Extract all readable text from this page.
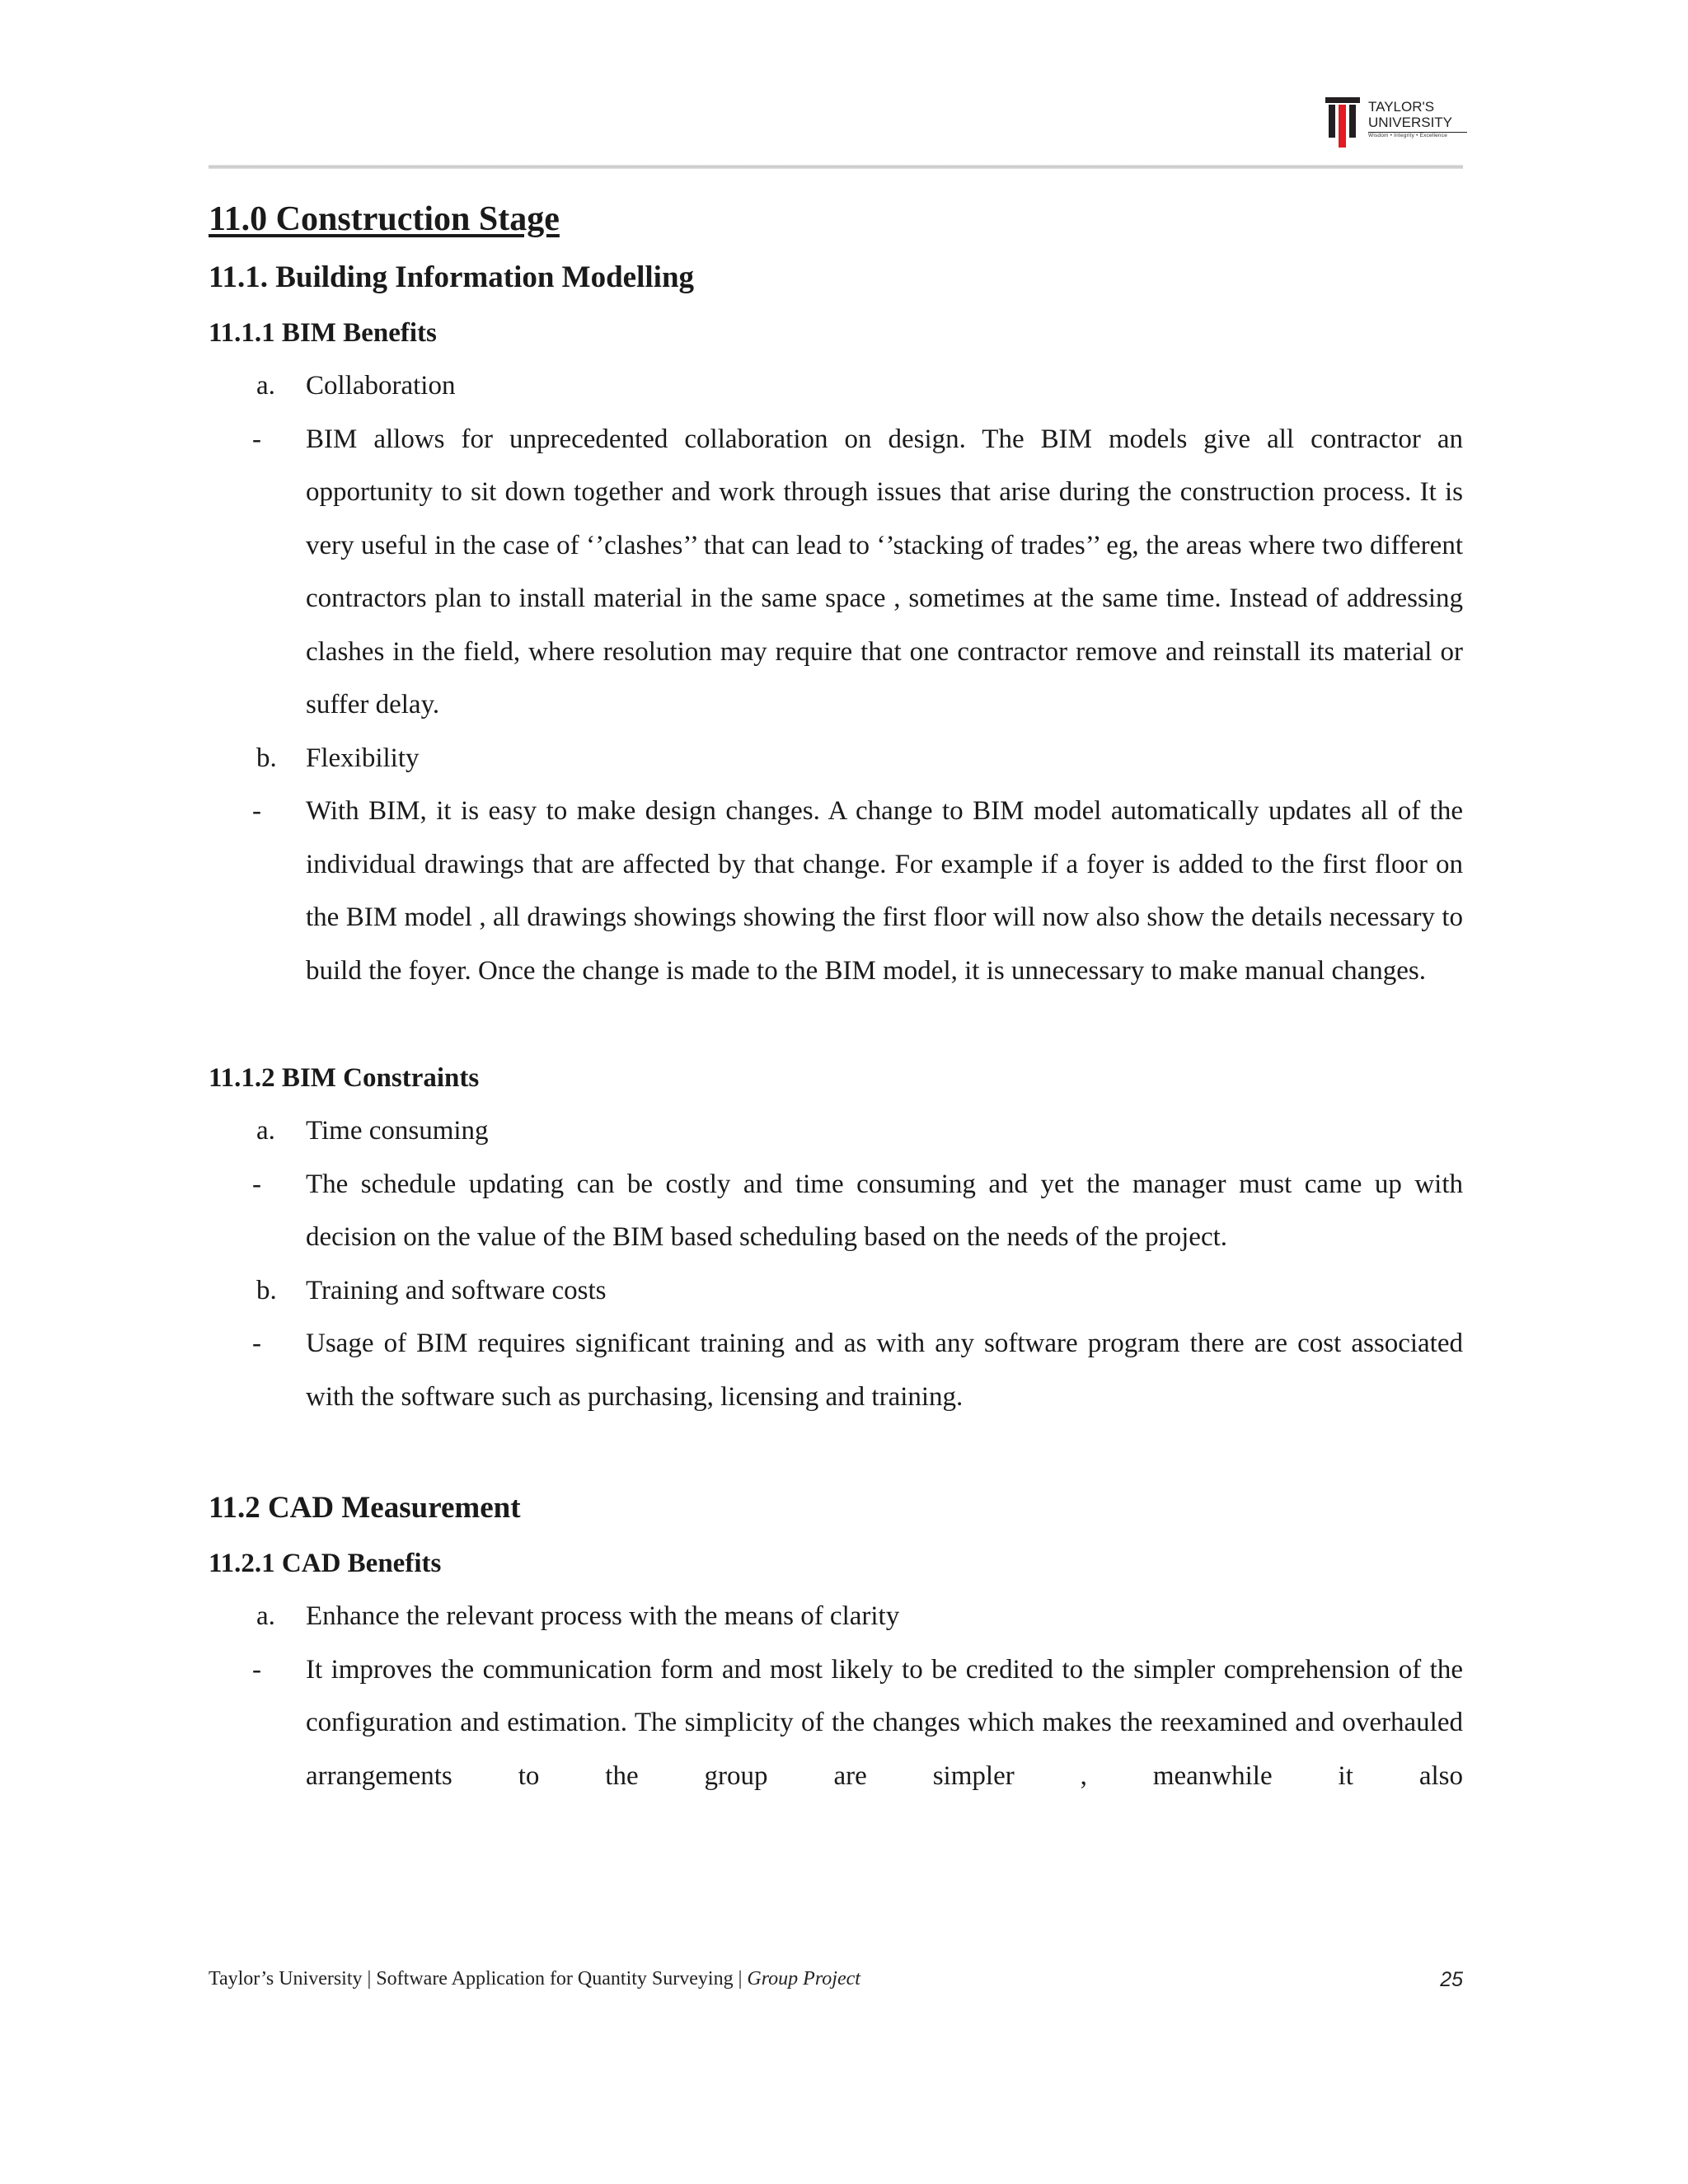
TAYLOR'S
UNIVERSITY
Wisdom • Integrity • Excellence
11.0 Construction Stage
11.1. Building Information Modelling
11.1.1 BIM Benefits
a.	Collaboration
- BIM allows for unprecedented collaboration on design. The BIM models give all contractor an opportunity to sit down together and work through issues that arise during the construction process. It is very useful in the case of ‘’clashes’’ that can lead to ‘’stacking of trades’’ eg, the areas where two different contractors plan to install material in the same space , sometimes at the same time. Instead of addressing clashes in the field, where resolution may require that one contractor remove and reinstall its material or suffer delay.
b.	Flexibility
- With BIM, it is easy to make design changes. A change to BIM model automatically updates all of the individual drawings that are affected by that change. For example if a foyer is added to the first floor on the BIM model , all drawings showings showing the first floor will now also show the details necessary to build the foyer. Once the change is made to the BIM model, it is unnecessary to make manual changes.
11.1.2 BIM Constraints
a.	Time consuming
- The schedule updating can be costly and time consuming and yet the manager must came up with decision on the value of the BIM based scheduling based on the needs of the project.
b.	Training and software costs
- Usage of BIM requires significant training and as with any software program there are cost associated with the software such as purchasing, licensing and training.
11.2 CAD Measurement
11.2.1 CAD Benefits
a.	Enhance the relevant process with the means of clarity
- It improves the communication form and most likely to be credited to the simpler comprehension of the configuration and estimation. The simplicity of the changes which makes the reexamined and overhauled arrangements to the group are simpler , meanwhile it also
Taylor’s University | Software Application for Quantity Surveying | Group Project	25
